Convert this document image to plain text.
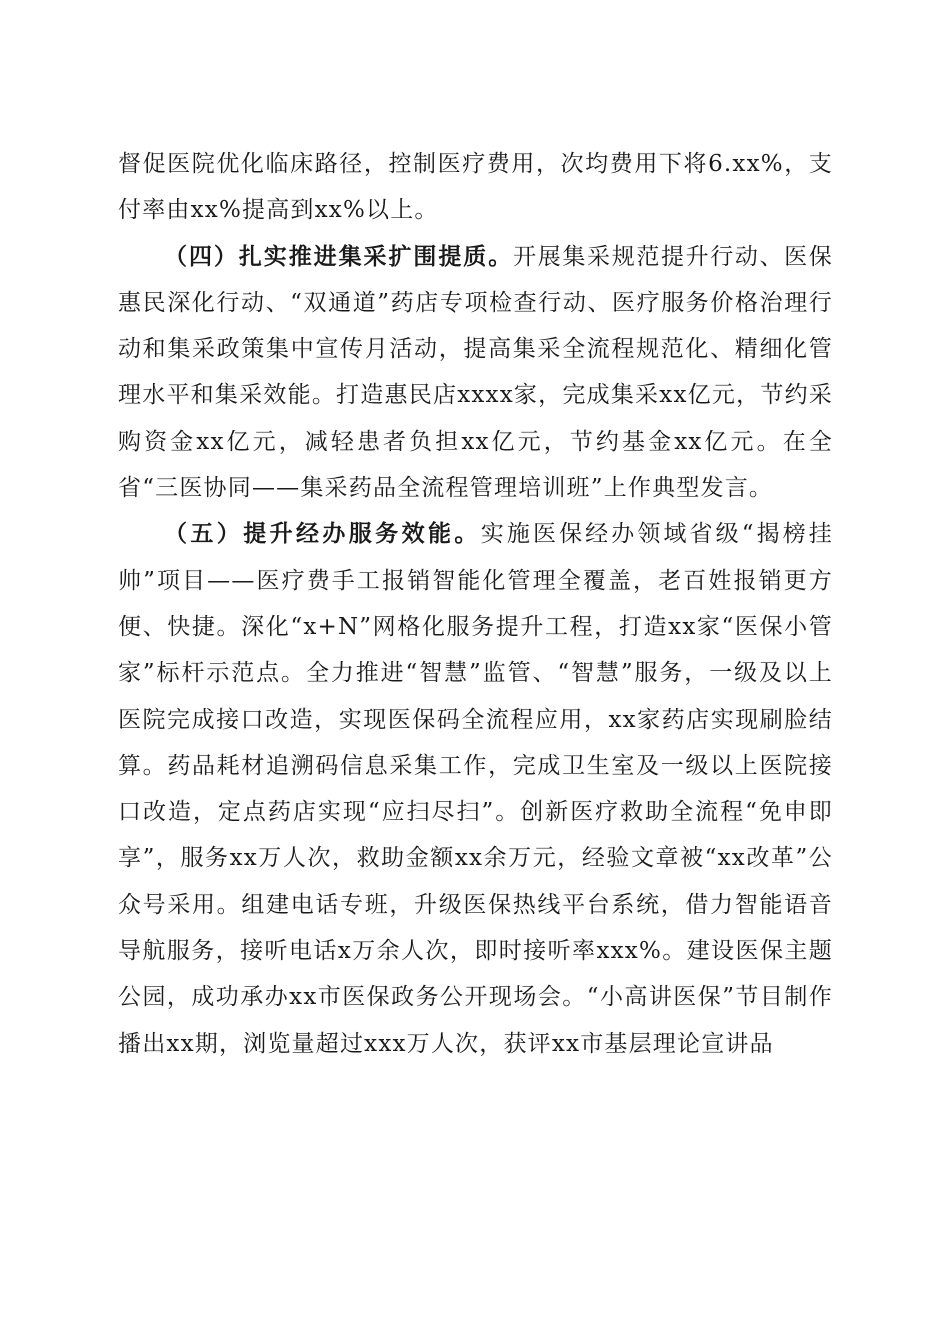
督促医院优化临床路径，控制医疗费用，次均费用下将6.xx%，支付率由xx%提高到xx%以上。

（四）扎实推进集采扩围提质。开展集采规范提升行动、医保惠民深化行动、“双通道”药店专项检查行动、医疗服务价格治理行动和集采政策集中宣传月活动，提高集采全流程规范化、精细化管理水平和集采效能。打造惠民店xxxx家，完成集采xx亿元，节约采购资金xx亿元，减轻患者负担xx亿元，节约基金xx亿元。在全省“三医协同——集采药品全流程管理培训班”上作典型发言。

（五）提升经办服务效能。实施医保经办领域省级“揭榜挂帅”项目——医疗费手工报销智能化管理全覆盖，老百姓报销更方便、快捷。深化“x+N”网格化服务提升工程，打造xx家“医保小管家”标杆示范点。全力推进“智慧”监管、“智慧”服务，一级及以上医院完成接口改造，实现医保码全流程应用，xx家药店实现刷脸结算。药品耗材追溯码信息采集工作，完成卫生室及一级以上医院接口改造，定点药店实现“应扫尽扫”。创新医疗救助全流程“免申即享”，服务xx万人次，救助金额xx余万元，经验文章被“xx改革”公众号采用。组建电话专班，升级医保热线平台系统，借力智能语音导航服务，接听电话x万余人次，即时接听率xxx%。建设医保主题公园，成功承办xx市医保政务公开现场会。“小高讲医保”节目制作播出xx期，浏览量超过xxx万人次，获评xx市基层理论宣讲品
